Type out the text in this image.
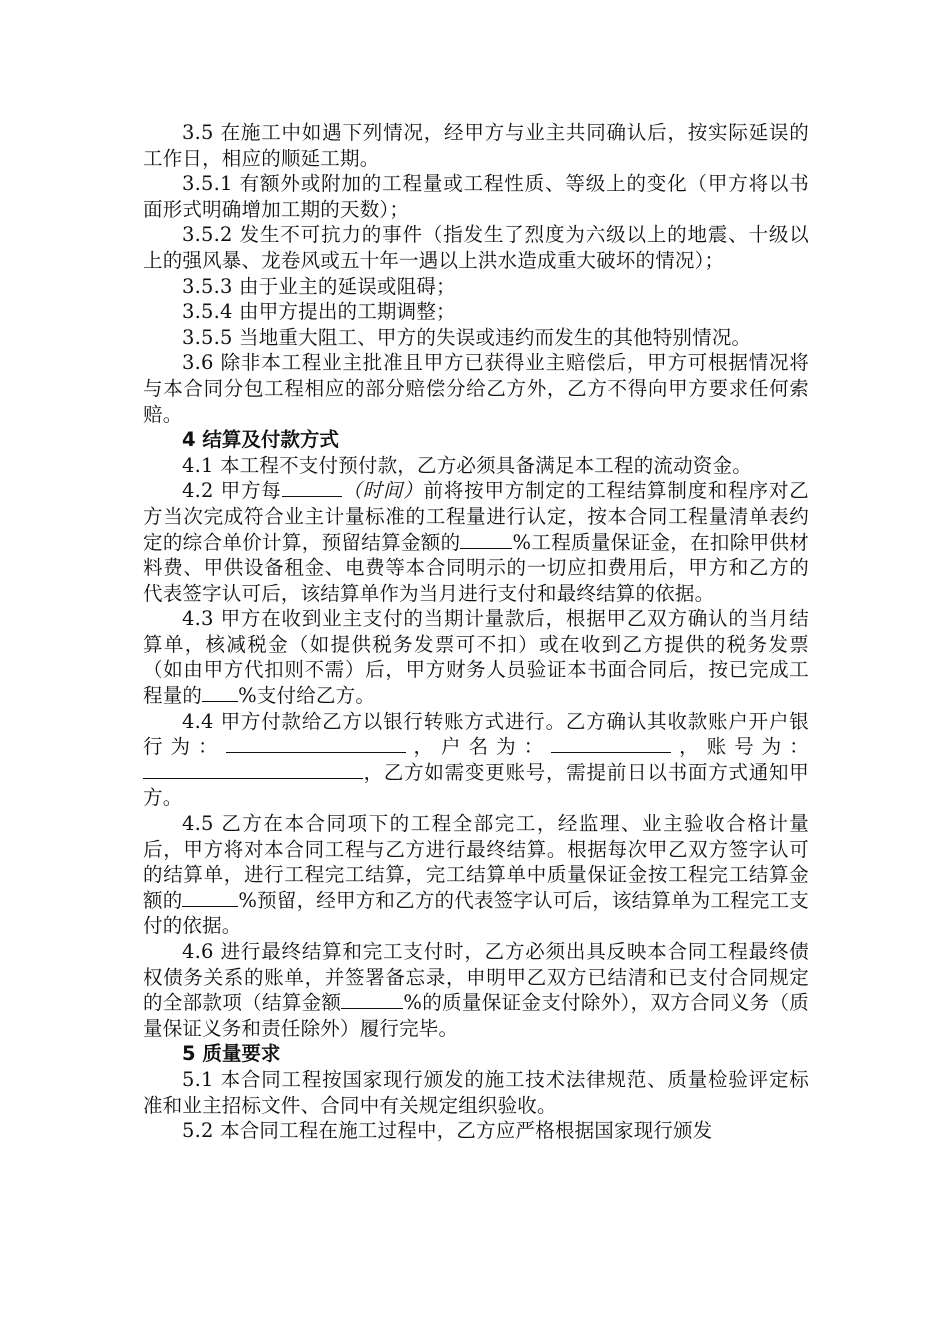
3.5 在施工中如遇下列情况，经甲方与业主共同确认后，按实际延误的工作日，相应的顺延工期。

3.5.1 有额外或附加的工程量或工程性质、等级上的变化（甲方将以书面形式明确增加工期的天数）；

3.5.2 发生不可抗力的事件（指发生了烈度为六级以上的地震、十级以上的强风暴、龙卷风或五十年一遇以上洪水造成重大破坏的情况）；

3.5.3 由于业主的延误或阻碍；

3.5.4 由甲方提出的工期调整；

3.5.5 当地重大阻工、甲方的失误或违约而发生的其他特别情况。

3.6 除非本工程业主批准且甲方已获得业主赔偿后，甲方可根据情况将与本合同分包工程相应的部分赔偿分给乙方外，乙方不得向甲方要求任何索赔。

4 结算及付款方式

4.1 本工程不支付预付款，乙方必须具备满足本工程的流动资金。

4.2 甲方每	（时间）前将按甲方制定的工程结算制度和程序对乙方当次完成符合业主计量标准的工程量进行认定，按本合同工程量清单表约定的综合单价计算，预留结算金额的	%工程质量保证金，在扣除甲供材料费、甲供设备租金、电费等本合同明示的一切应扣费用后，甲方和乙方的代表签字认可后，该结算单作为当月进行支付和最终结算的依据。

4.3 甲方在收到业主支付的当期计量款后，根据甲乙双方确认的当月结算单，核减税金（如提供税务发票可不扣）或在收到乙方提供的税务发票（如由甲方代扣则不需）后，甲方财务人员验证本书面合同后，按已完成工程量的 %支付给乙方。

4.4 甲方付款给乙方以银行转账方式进行。乙方确认其收款账户开户银行为：	，户名为：	，账号为：，乙方如需变更账号，需提前日以书面方式通知甲方。

4.5 乙方在本合同项下的工程全部完工，经监理、业主验收合格计量后，甲方将对本合同工程与乙方进行最终结算。根据每次甲乙双方签字认可的结算单，进行工程完工结算，完工结算单中质量保证金按工程完工结算金额的	%预留，经甲方和乙方的代表签字认可后，该结算单为工程完工支付的依据。

4.6 进行最终结算和完工支付时，乙方必须出具反映本合同工程最终债权债务关系的账单，并签署备忘录，申明甲乙双方已结清和已支付合同规定的全部款项（结算金额	%的质量保证金支付除外），双方合同义务（质量保证义务和责任除外）履行完毕。

5 质量要求

5.1 本合同工程按国家现行颁发的施工技术法律规范、质量检验评定标准和业主招标文件、合同中有关规定组织验收。

5.2 本合同工程在施工过程中，乙方应严格根据国家现行颁发
